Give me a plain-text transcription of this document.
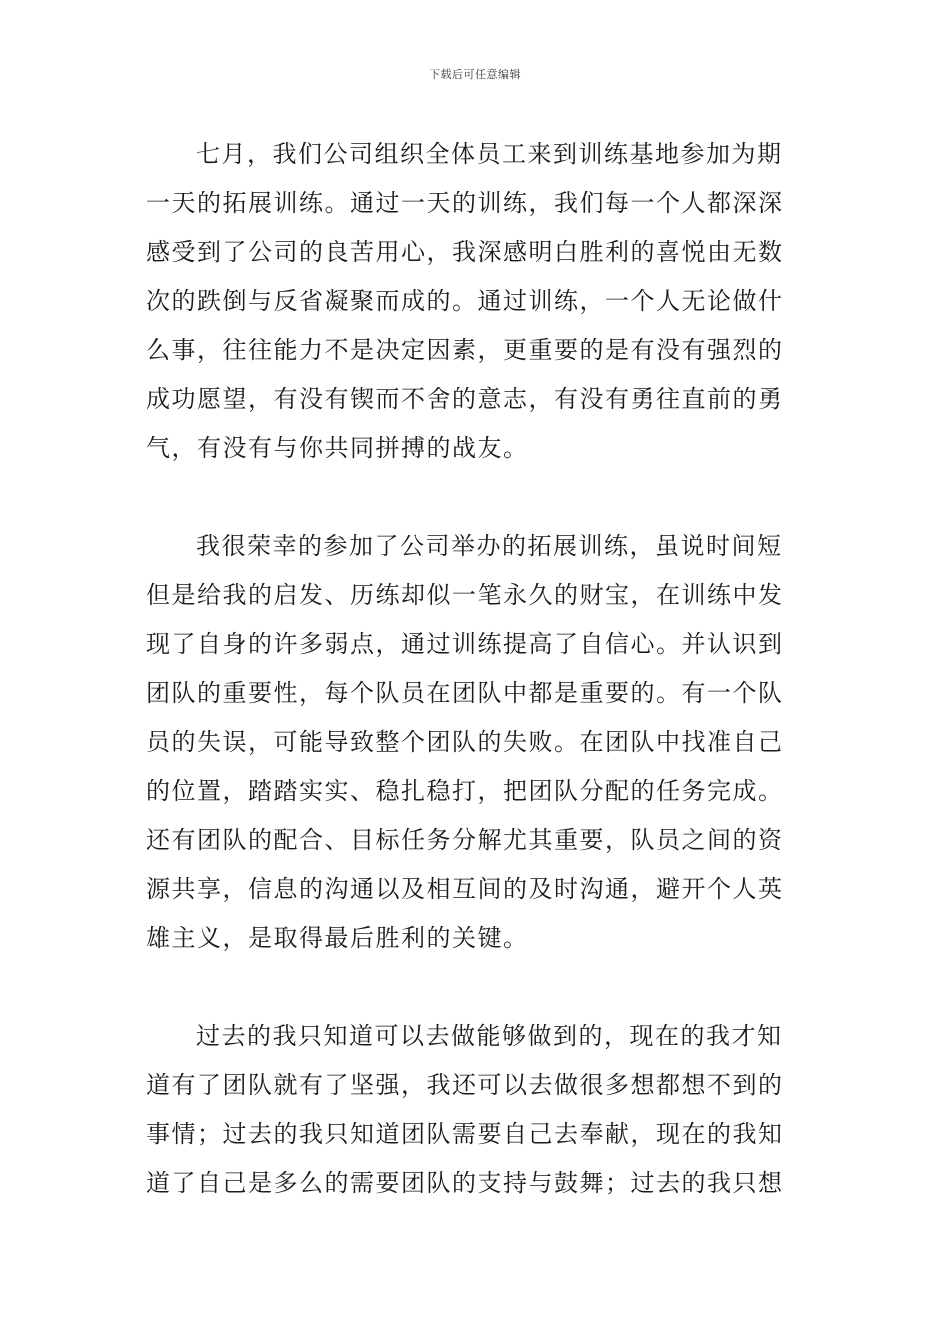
下载后可任意编辑
七月，我们公司组织全体员工来到训练基地参加为期
一天的拓展训练。通过一天的训练，我们每一个人都深深
感受到了公司的良苦用心，我深感明白胜利的喜悦由无数
次的跌倒与反省凝聚而成的。通过训练，一个人无论做什
么事，往往能力不是决定因素，更重要的是有没有强烈的
成功愿望，有没有锲而不舍的意志，有没有勇往直前的勇
气，有没有与你共同拼搏的战友。
我很荣幸的参加了公司举办的拓展训练，虽说时间短
但是给我的启发、历练却似一笔永久的财宝，在训练中发
现了自身的许多弱点，通过训练提高了自信心。并认识到
团队的重要性，每个队员在团队中都是重要的。有一个队
员的失误，可能导致整个团队的失败。在团队中找准自己
的位置，踏踏实实、稳扎稳打，把团队分配的任务完成。
还有团队的配合、目标任务分解尤其重要，队员之间的资
源共享，信息的沟通以及相互间的及时沟通，避开个人英
雄主义，是取得最后胜利的关键。
过去的我只知道可以去做能够做到的，现在的我才知
道有了团队就有了坚强，我还可以去做很多想都想不到的
事情；过去的我只知道团队需要自己去奉献，现在的我知
道了自己是多么的需要团队的支持与鼓舞；过去的我只想
